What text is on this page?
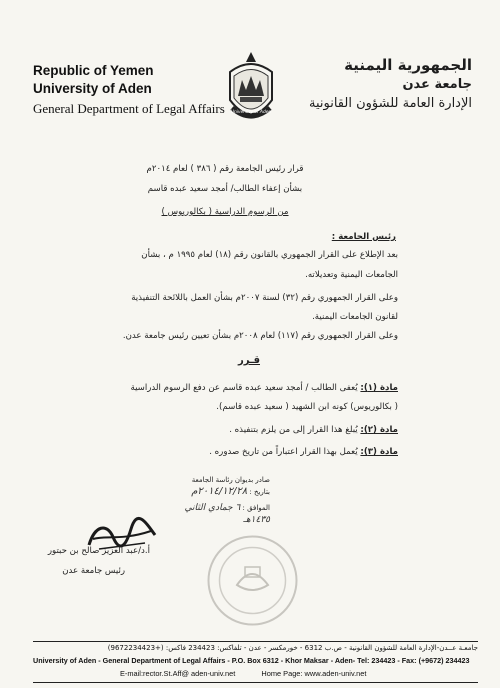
Republic of Yemen
University of Aden
General Department of Legal Affairs University of Aden
الجمهورية اليمنية
جامعة عدن
الإدارة العامة للشؤون القانونية
قرار رئيس الجامعة رقم ( ٣٨٦ ) لعام ٢٠١٤م
بشأن إعفاء الطالب/ أمجد سعيد عبده قاسم
من الرسوم الدراسية ( بكالوريوس )
رئيس الجامعة :
بعد الإطلاع على القرار الجمهوري بالقانون رقم (١٨) لعام ١٩٩٥ م ، بشأن
الجامعات اليمنية وتعديلاته.
وعلى القرار الجمهوري رقم (٣٢) لسنة ٢٠٠٧م بشأن العمل باللائحة التنفيذية
لقانون الجامعات اليمنية.
وعلى القرار الجمهوري رقم (١١٧) لعام ٢٠٠٨م بشأن تعيين رئيس جامعة عدن.
قـرر
مادة (١): يُعفى الطالب / أمجد سعيد عبده قاسم عن دفع الرسوم الدراسية
( بكالوريوس) كونه ابن الشهيد ( سعيد عبده قاسم).
مادة (٢): يُبلغ هذا القرار إلى من يلزم بتنفيذه .
مادة (٣): يُعمل بهذا القرار اعتباراً من تاريخ صدوره .
صادر بديوان رئاسة الجامعة
بتاريخ : ٢٠١٤/١٢/٢٨م
الموافق : ٦ جمادي الثاني ١٤٣٥هـ
أ.د/عبد العزيز صالح بن حبتور
رئيس جامعة عدن
جامعـة عــدن-الإدارة العامة للشؤون القانونية - ص.ب 6312 - خورمكسر - عدن - تلفاكس: 234423 فاكس: (+9672234423)
University of Aden - General Department of Legal Affairs - P.O. Box 6312 - Khor Maksar - Aden- Tel: 234423 - Fax: (+9672) 234423
E-mail:rector.St.Aff@ aden-univ.net	Home Page: www.aden-univ.net
